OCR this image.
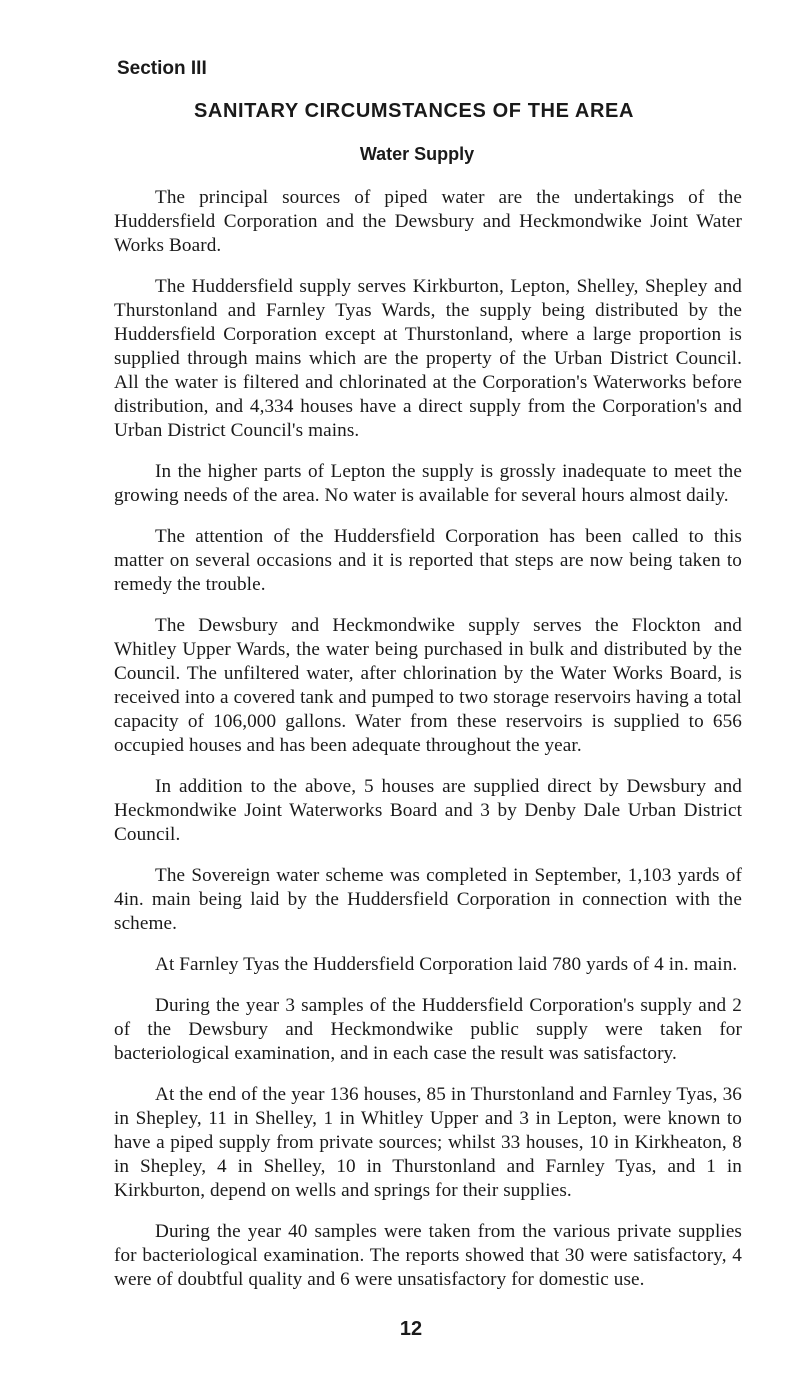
Section III
SANITARY CIRCUMSTANCES OF THE AREA
Water Supply

The principal sources of piped water are the undertakings of the Huddersfield Corporation and the Dewsbury and Heckmondwike Joint Water Works Board.

The Huddersfield supply serves Kirkburton, Lepton, Shelley, Shepley and Thurstonland and Farnley Tyas Wards, the supply being distributed by the Huddersfield Corporation except at Thurstonland, where a large proportion is supplied through mains which are the property of the Urban District Council. All the water is filtered and chlorinated at the Corporation's Waterworks before distribution, and 4,334 houses have a direct supply from the Corporation's and Urban District Council's mains.

In the higher parts of Lepton the supply is grossly inadequate to meet the growing needs of the area. No water is available for several hours almost daily.

The attention of the Huddersfield Corporation has been called to this matter on several occasions and it is reported that steps are now being taken to remedy the trouble.

The Dewsbury and Heckmondwike supply serves the Flockton and Whitley Upper Wards, the water being purchased in bulk and distributed by the Council. The unfiltered water, after chlorination by the Water Works Board, is received into a covered tank and pumped to two storage reservoirs having a total capacity of 106,000 gallons. Water from these reservoirs is supplied to 656 occupied houses and has been adequate throughout the year.

In addition to the above, 5 houses are supplied direct by Dewsbury and Heckmondwike Joint Waterworks Board and 3 by Denby Dale Urban District Council.

The Sovereign water scheme was completed in September, 1,103 yards of 4in. main being laid by the Huddersfield Corporation in connection with the scheme.

At Farnley Tyas the Huddersfield Corporation laid 780 yards of 4 in. main.

During the year 3 samples of the Huddersfield Corporation's supply and 2 of the Dewsbury and Heckmondwike public supply were taken for bacteriological examination, and in each case the result was satisfactory.

At the end of the year 136 houses, 85 in Thurstonland and Farnley Tyas, 36 in Shepley, 11 in Shelley, 1 in Whitley Upper and 3 in Lepton, were known to have a piped supply from private sources; whilst 33 houses, 10 in Kirkheaton, 8 in Shepley, 4 in Shelley, 10 in Thurstonland and Farnley Tyas, and 1 in Kirkburton, depend on wells and springs for their supplies.

During the year 40 samples were taken from the various private supplies for bacteriological examination. The reports showed that 30 were satisfactory, 4 were of doubtful quality and 6 were unsatisfactory for domestic use.

12
